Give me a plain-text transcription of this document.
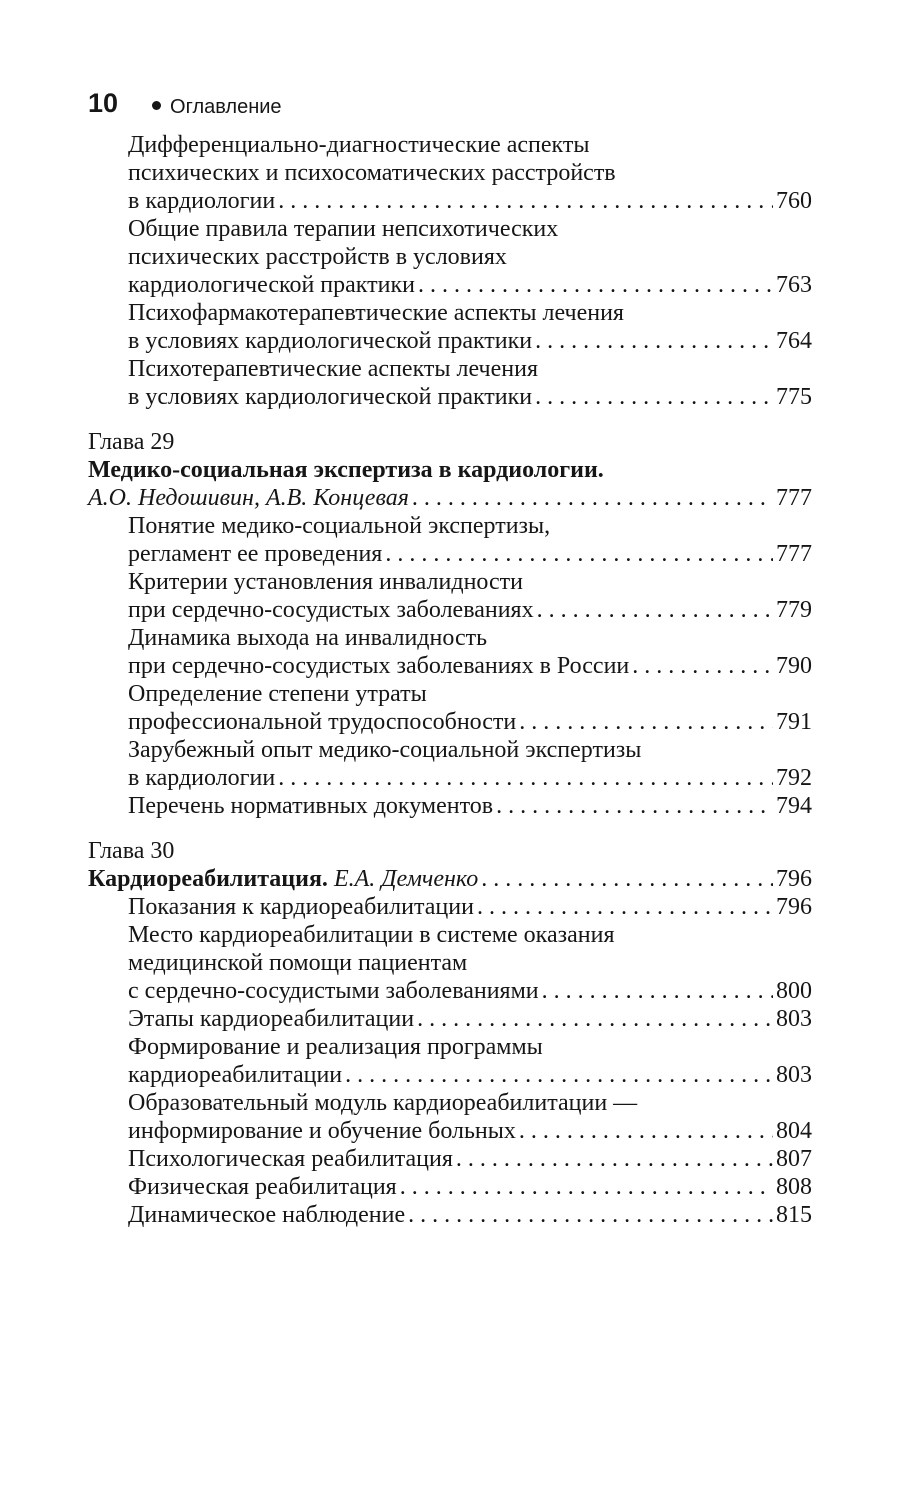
10	Оглавление
Дифференциально-диагностические аспекты
психических и психосоматических расстройств
в кардиологии . . .	760
Общие правила терапии непсихотических
психических расстройств в условиях
кардиологической практики . . .	763
Психофармакотерапевтические аспекты лечения
в условиях кардиологической практики . . .	764
Психотерапевтические аспекты лечения
в условиях кардиологической практики . . .	775
Глава 29
Медико-социальная экспертиза в кардиологии.
А.О. Недошивин, А.В. Концевая . . .	777
Понятие медико-социальной экспертизы,
регламент ее проведения . . .	777
Критерии установления инвалидности
при сердечно-сосудистых заболеваниях . . .	779
Динамика выхода на инвалидность
при сердечно-сосудистых заболеваниях в России . . .	790
Определение степени утраты
профессиональной трудоспособности . . .	791
Зарубежный опыт медико-социальной экспертизы
в кардиологии . . .	792
Перечень нормативных документов . . .	794
Глава 30
Кардиореабилитация.
Е.А. Демченко . . .	796
Показания к кардиореабилитации . . .	796
Место кардиореабилитации в системе оказания
медицинской помощи пациентам
с сердечно-сосудистыми заболеваниями . . .	800
Этапы кардиореабилитации . . .	803
Формирование и реализация программы
кардиореабилитации . . .	803
Образовательный модуль кардиореабилитации —
информирование и обучение больных . . .	804
Психологическая реабилитация . . .	807
Физическая реабилитация . . .	808
Динамическое наблюдение . . .	815
